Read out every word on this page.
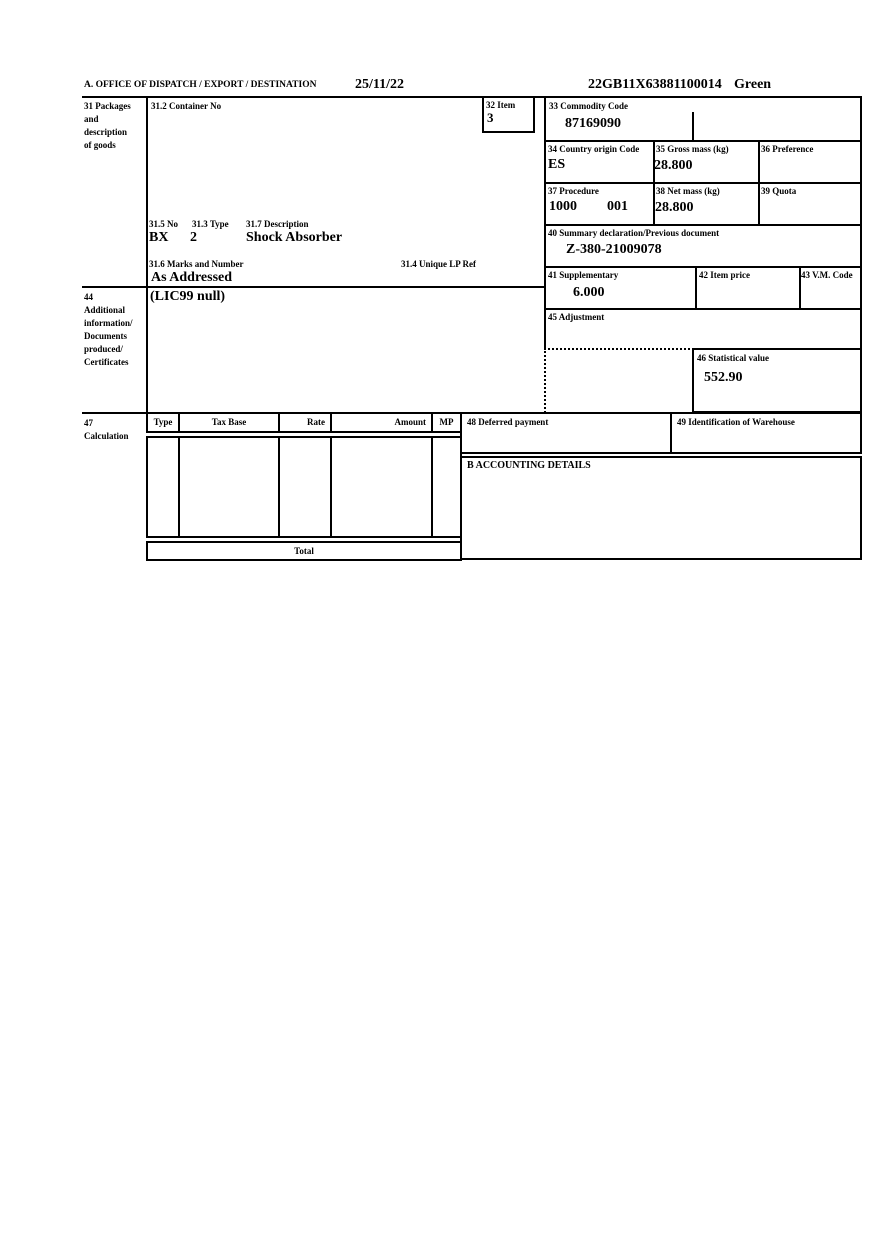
A. OFFICE OF DISPATCH / EXPORT / DESTINATION	25/11/22	22GB11X63881100014 Green
31 Packages
and
description
of goods
31.2 Container No
31.5 No 31.3 Type 31.7 Description
BX 2	Shock Absorber
31.6 Marks and Number	31.4 Unique LP Ref
As Addressed
32 Item
3
33 Commodity Code
87169090
34 Country origin Code
ES
35 Gross mass (kg)
28.800
36 Preference
37 Procedure
1000 001
38 Net mass (kg)
28.800
39 Quota
40 Summary declaration/Previous document
Z-380-21009078
41 Supplementary
6.000
42 Item price	43 V.M. Code
44
Additional
information/
Documents
produced/
Certificates
(LIC99 null)
45 Adjustment
46 Statistical value
552.90
47
Calculation
Type	Tax Base	Rate	Amount	MP
Total
48 Deferred payment	49 Identification of Warehouse
B ACCOUNTING DETAILS
